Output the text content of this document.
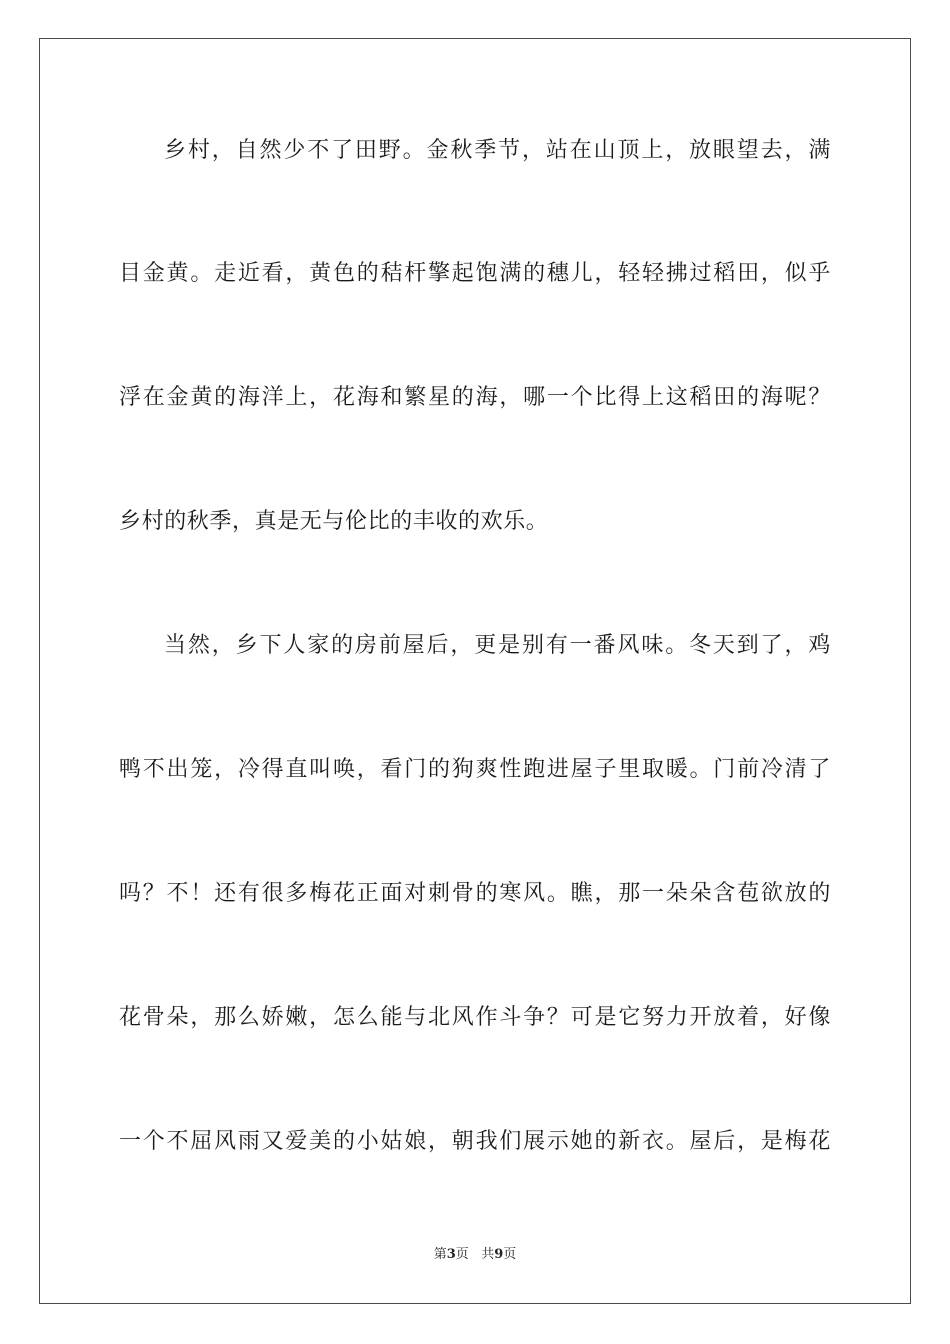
乡村，自然少不了田野。金秋季节，站在山顶上，放眼望去，满
目金黄。走近看，黄色的秸杆擎起饱满的穗儿，轻轻拂过稻田，似乎
浮在金黄的海洋上，花海和繁星的海，哪一个比得上这稻田的海呢？
乡村的秋季，真是无与伦比的丰收的欢乐。
当然，乡下人家的房前屋后，更是别有一番风味。冬天到了，鸡
鸭不出笼，冷得直叫唤，看门的狗爽性跑进屋子里取暖。门前冷清了
吗？不！还有很多梅花正面对刺骨的寒风。瞧，那一朵朵含苞欲放的
花骨朵，那么娇嫩，怎么能与北风作斗争？可是它努力开放着，好像
一个不屈风雨又爱美的小姑娘，朝我们展示她的新衣。屋后，是梅花
第3页 共9页
